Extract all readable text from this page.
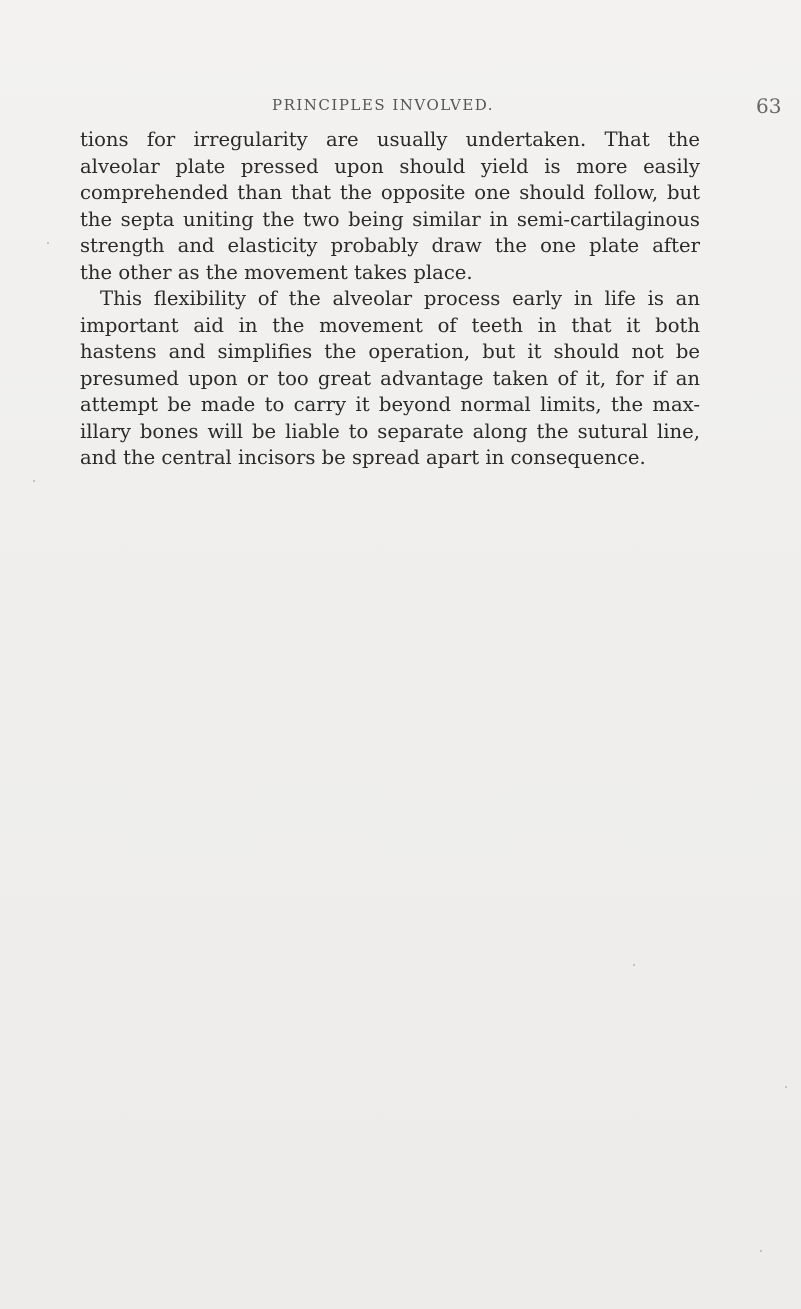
PRINCIPLES INVOLVED.	63
tions for irregularity are usually undertaken. That the
alveolar plate pressed upon should yield is more easily
comprehended than that the opposite one should follow, but
the septa uniting the two being similar in semi-cartilaginous
strength and elasticity probably draw the one plate after
the other as the movement takes place.
This flexibility of the alveolar process early in life is an
important aid in the movement of teeth in that it both
hastens and simplifies the operation, but it should not be
presumed upon or too great advantage taken of it, for if an
attempt be made to carry it beyond normal limits, the max-
illary bones will be liable to separate along the sutural line,
and the central incisors be spread apart in consequence.
